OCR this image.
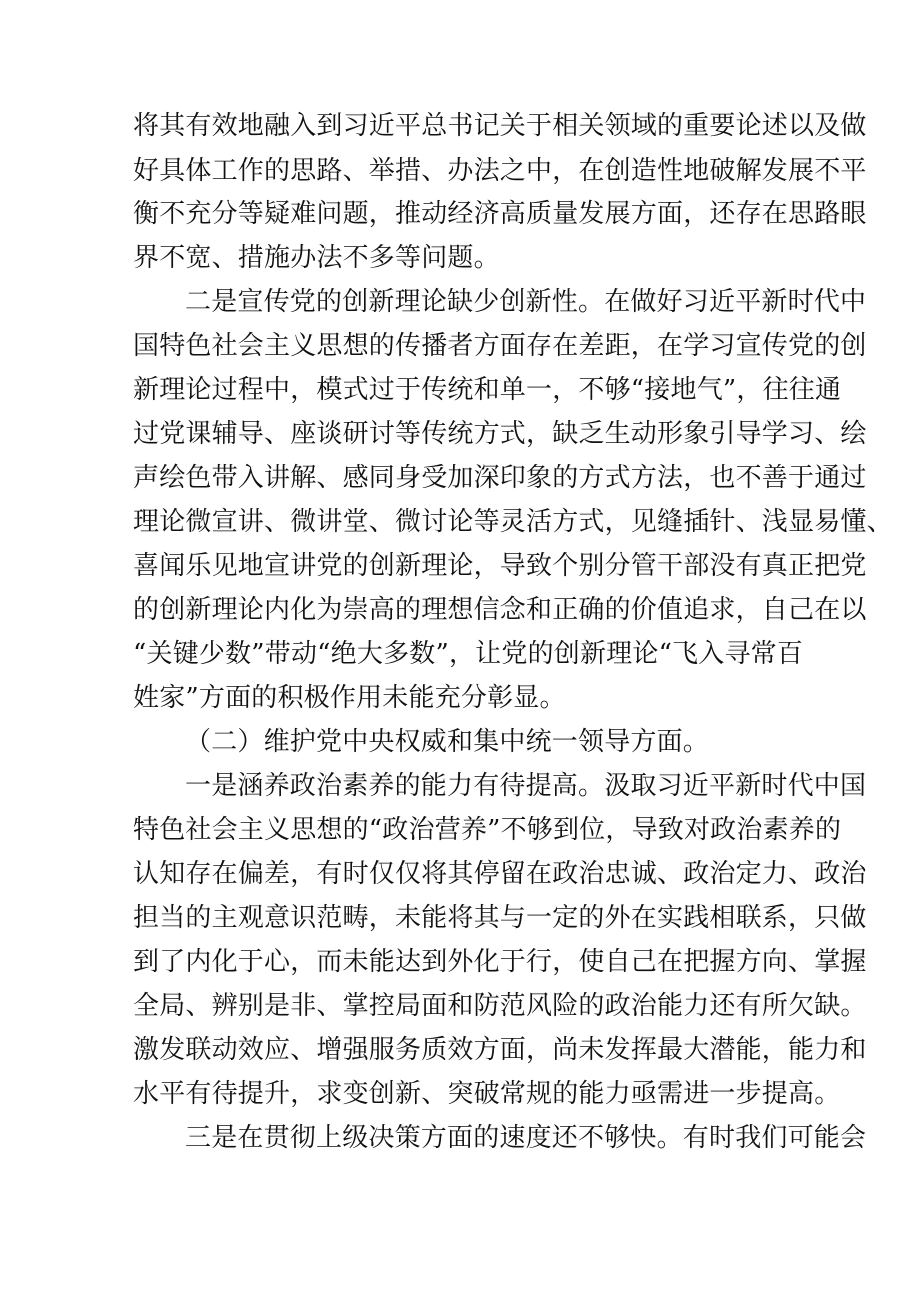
将其有效地融入到习近平总书记关于相关领域的重要论述以及做
好具体工作的思路、举措、办法之中，在创造性地破解发展不平
衡不充分等疑难问题，推动经济高质量发展方面，还存在思路眼
界不宽、措施办法不多等问题。
二是宣传党的创新理论缺少创新性。在做好习近平新时代中
国特色社会主义思想的传播者方面存在差距，在学习宣传党的创
新理论过程中，模式过于传统和单一，不够“接地气”，往往通
过党课辅导、座谈研讨等传统方式，缺乏生动形象引导学习、绘
声绘色带入讲解、感同身受加深印象的方式方法，也不善于通过
理论微宣讲、微讲堂、微讨论等灵活方式，见缝插针、浅显易懂、
喜闻乐见地宣讲党的创新理论，导致个别分管干部没有真正把党
的创新理论内化为崇高的理想信念和正确的价值追求，自己在以
“关键少数”带动“绝大多数”，让党的创新理论“飞入寻常百
姓家”方面的积极作用未能充分彰显。
（二）维护党中央权威和集中统一领导方面。
一是涵养政治素养的能力有待提高。汲取习近平新时代中国
特色社会主义思想的“政治营养”不够到位，导致对政治素养的
认知存在偏差，有时仅仅将其停留在政治忠诚、政治定力、政治
担当的主观意识范畴，未能将其与一定的外在实践相联系，只做
到了内化于心，而未能达到外化于行，使自己在把握方向、掌握
全局、辨别是非、掌控局面和防范风险的政治能力还有所欠缺。
激发联动效应、增强服务质效方面，尚未发挥最大潜能，能力和
水平有待提升，求变创新、突破常规的能力亟需进一步提高。
三是在贯彻上级决策方面的速度还不够快。有时我们可能会
